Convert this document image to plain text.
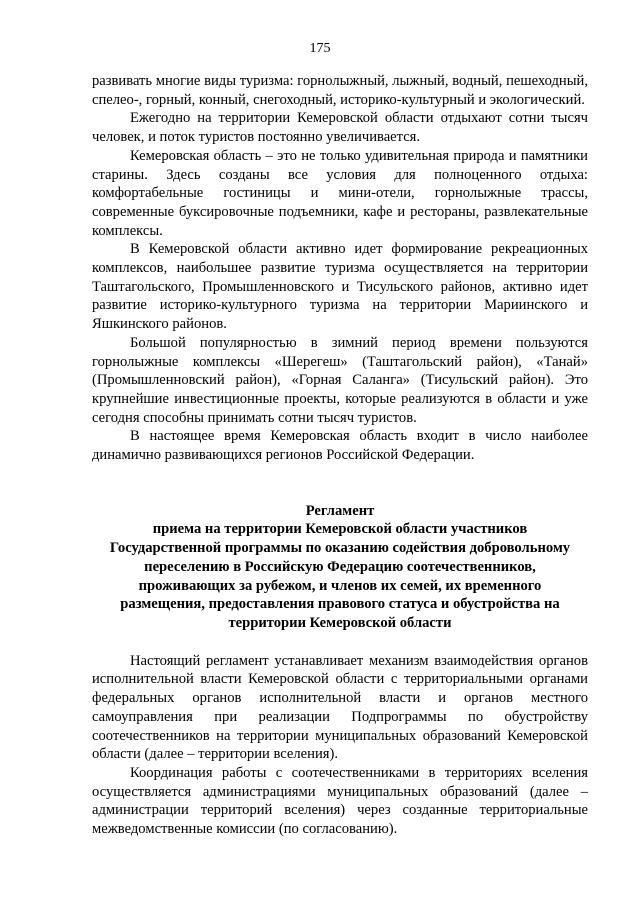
175

развивать многие виды туризма: горнолыжный, лыжный, водный, пешеходный, спелео-, горный, конный, снегоходный, историко-культурный и экологический.

Ежегодно на территории Кемеровской области отдыхают сотни тысяч человек, и поток туристов постоянно увеличивается.

Кемеровская область – это не только удивительная природа и памятники старины. Здесь созданы все условия для полноценного отдыха: комфортабельные гостиницы и мини-отели, горнолыжные трассы, современные буксировочные подъемники, кафе и рестораны, развлекательные комплексы.

В Кемеровской области активно идет формирование рекреационных комплексов, наибольшее развитие туризма осуществляется на территории Таштагольского, Промышленновского и Тисульского районов, активно идет развитие историко-культурного туризма на территории Мариинского и Яшкинского районов.

Большой популярностью в зимний период времени пользуются горнолыжные комплексы «Шерегеш» (Таштагольский район), «Танай» (Промышленновский район), «Горная Саланга» (Тисульский район). Это крупнейшие инвестиционные проекты, которые реализуются в области и уже сегодня способны принимать сотни тысяч туристов.

В настоящее время Кемеровская область входит в число наиболее динамично развивающихся регионов Российской Федерации.

Регламент
приема на территории Кемеровской области участников
Государственной программы по оказанию содействия добровольному
переселению в Российскую Федерацию соотечественников,
проживающих за рубежом, и членов их семей, их временного
размещения, предоставления правового статуса и обустройства на
территории Кемеровской области

Настоящий регламент устанавливает механизм взаимодействия органов исполнительной власти Кемеровской области с территориальными органами федеральных органов исполнительной власти и органов местного самоуправления при реализации Подпрограммы по обустройству соотечественников на территории муниципальных образований Кемеровской области (далее – территории вселения).

Координация работы с соотечественниками в территориях вселения осуществляется администрациями муниципальных образований (далее – администрации территорий вселения) через созданные территориальные межведомственные комиссии (по согласованию).
